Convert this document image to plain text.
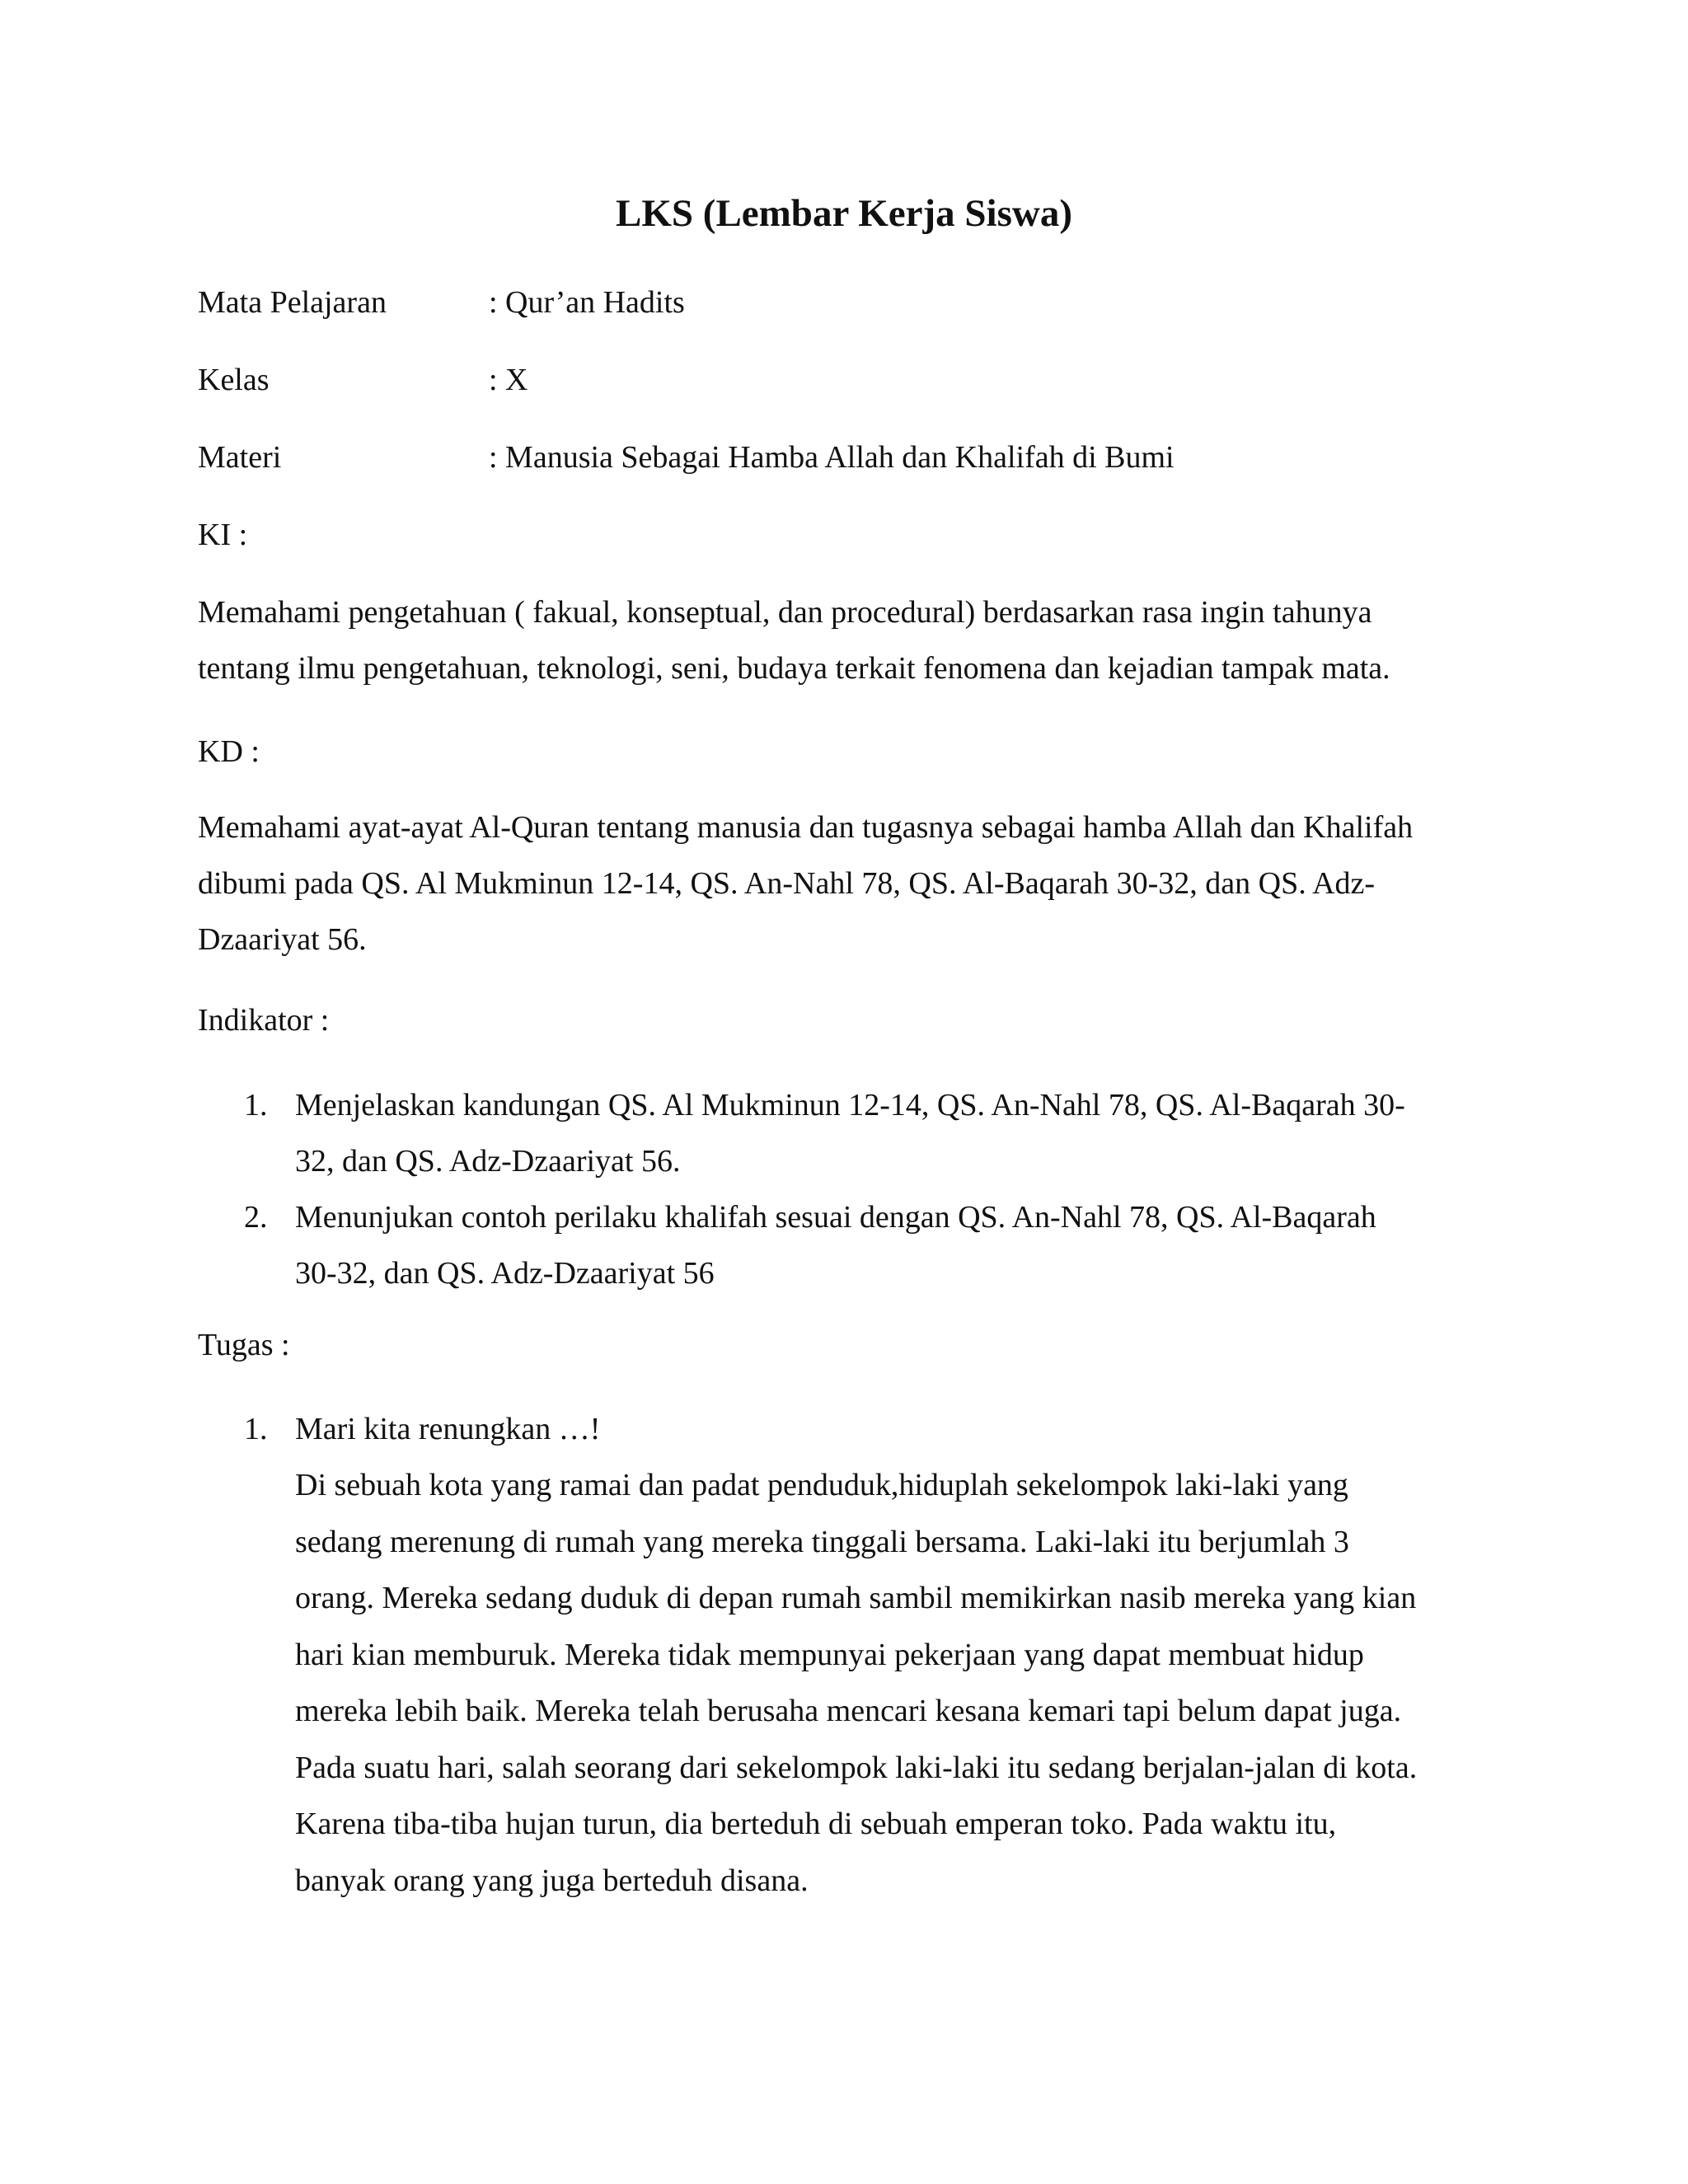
LKS (Lembar Kerja Siswa)
Mata Pelajaran	: Qur’an Hadits
Kelas	: X
Materi	: Manusia Sebagai Hamba Allah dan Khalifah di Bumi
KI :
Memahami pengetahuan ( fakual, konseptual, dan procedural) berdasarkan rasa ingin tahunya
tentang ilmu pengetahuan, teknologi, seni, budaya terkait fenomena dan kejadian tampak mata.
KD :
Memahami ayat-ayat Al-Quran tentang manusia dan tugasnya sebagai hamba Allah dan Khalifah
dibumi pada QS. Al Mukminun 12-14, QS. An-Nahl 78, QS. Al-Baqarah 30-32, dan QS. Adz-
Dzaariyat 56.
Indikator :
1. Menjelaskan kandungan QS. Al Mukminun 12-14, QS. An-Nahl 78, QS. Al-Baqarah 30-
32, dan QS. Adz-Dzaariyat 56.
2. Menunjukan contoh perilaku khalifah sesuai dengan QS. An-Nahl 78, QS. Al-Baqarah
30-32, dan QS. Adz-Dzaariyat 56
Tugas :
1. Mari kita renungkan …!
Di sebuah kota yang ramai dan padat penduduk,hiduplah sekelompok laki-laki yang
sedang merenung di rumah yang mereka tinggali bersama. Laki-laki itu berjumlah 3
orang. Mereka sedang duduk di depan rumah sambil memikirkan nasib mereka yang kian
hari kian memburuk. Mereka tidak mempunyai pekerjaan yang dapat membuat hidup
mereka lebih baik. Mereka telah berusaha mencari kesana kemari tapi belum dapat juga.
Pada suatu hari, salah seorang dari sekelompok laki-laki itu sedang berjalan-jalan di kota.
Karena tiba-tiba hujan turun, dia berteduh di sebuah emperan toko. Pada waktu itu,
banyak orang yang juga berteduh disana.
